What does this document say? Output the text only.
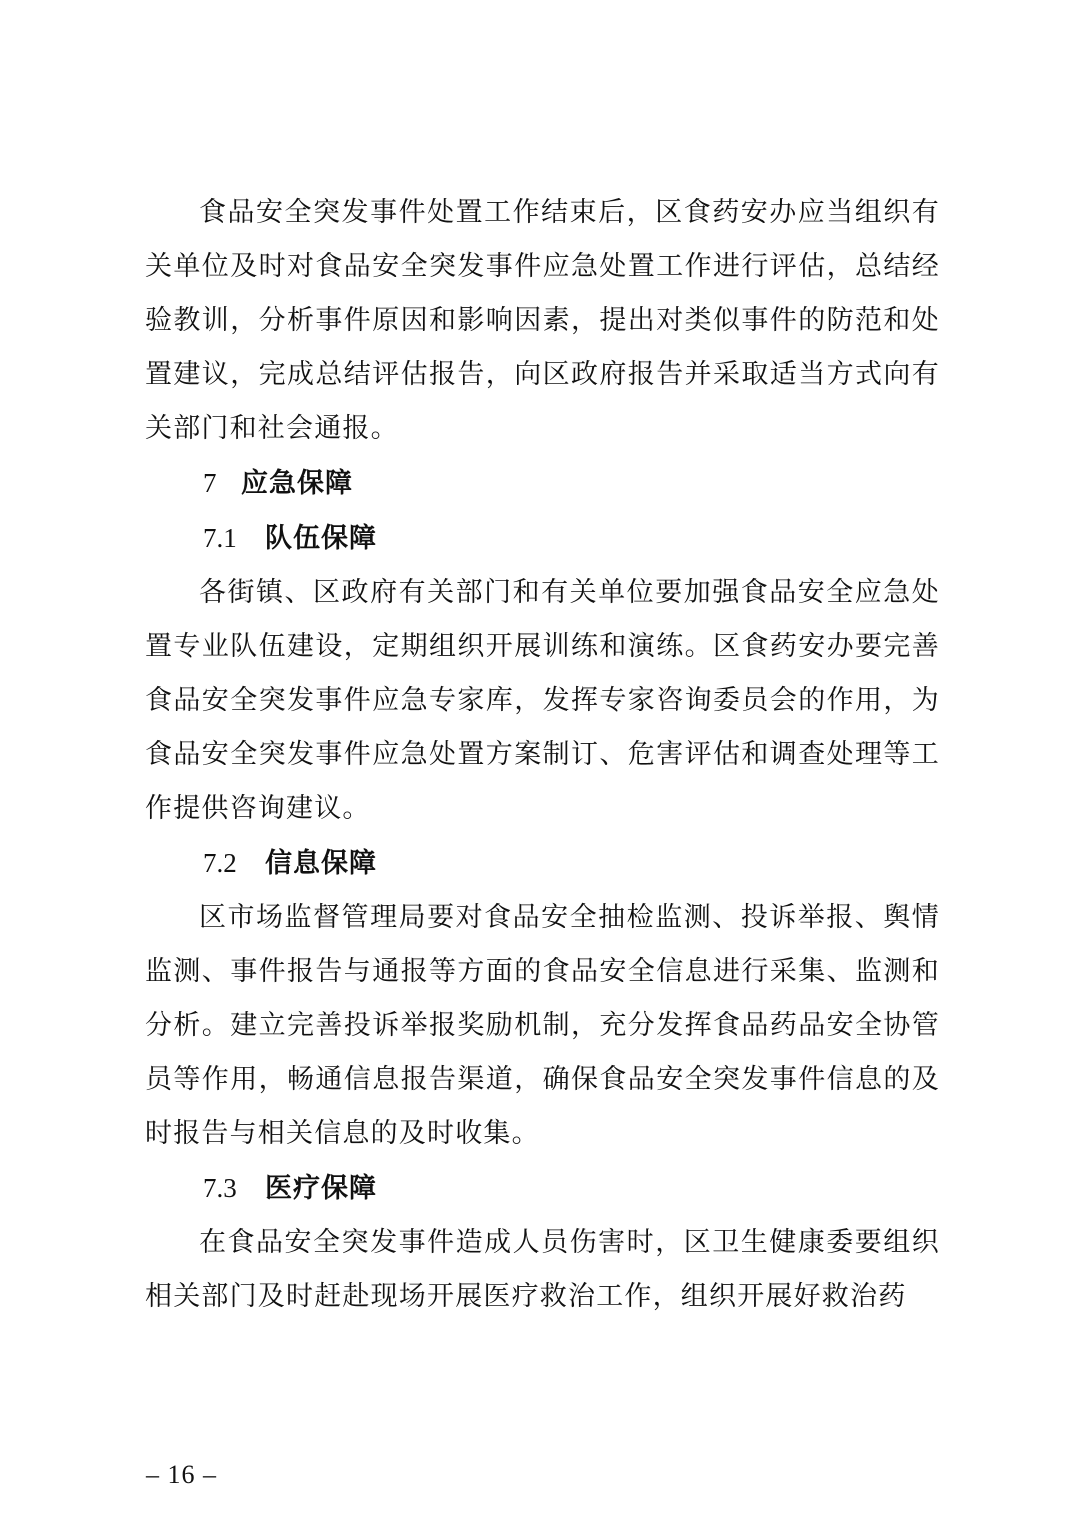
食品安全突发事件处置工作结束后，区食药安办应当组织有关单位及时对食品安全突发事件应急处置工作进行评估，总结经验教训，分析事件原因和影响因素，提出对类似事件的防范和处置建议，完成总结评估报告，向区政府报告并采取适当方式向有关部门和社会通报。

7 应急保障
7.1	队伍保障

各街镇、区政府有关部门和有关单位要加强食品安全应急处置专业队伍建设，定期组织开展训练和演练。区食药安办要完善食品安全突发事件应急专家库，发挥专家咨询委员会的作用，为食品安全突发事件应急处置方案制订、危害评估和调查处理等工作提供咨询建议。

7.2	信息保障

区市场监督管理局要对食品安全抽检监测、投诉举报、舆情监测、事件报告与通报等方面的食品安全信息进行采集、监测和分析。建立完善投诉举报奖励机制，充分发挥食品药品安全协管员等作用，畅通信息报告渠道，确保食品安全突发事件信息的及时报告与相关信息的及时收集。

7.3	医疗保障

在食品安全突发事件造成人员伤害时，区卫生健康委要组织相关部门及时赶赴现场开展医疗救治工作，组织开展好救治药

– 16 –
